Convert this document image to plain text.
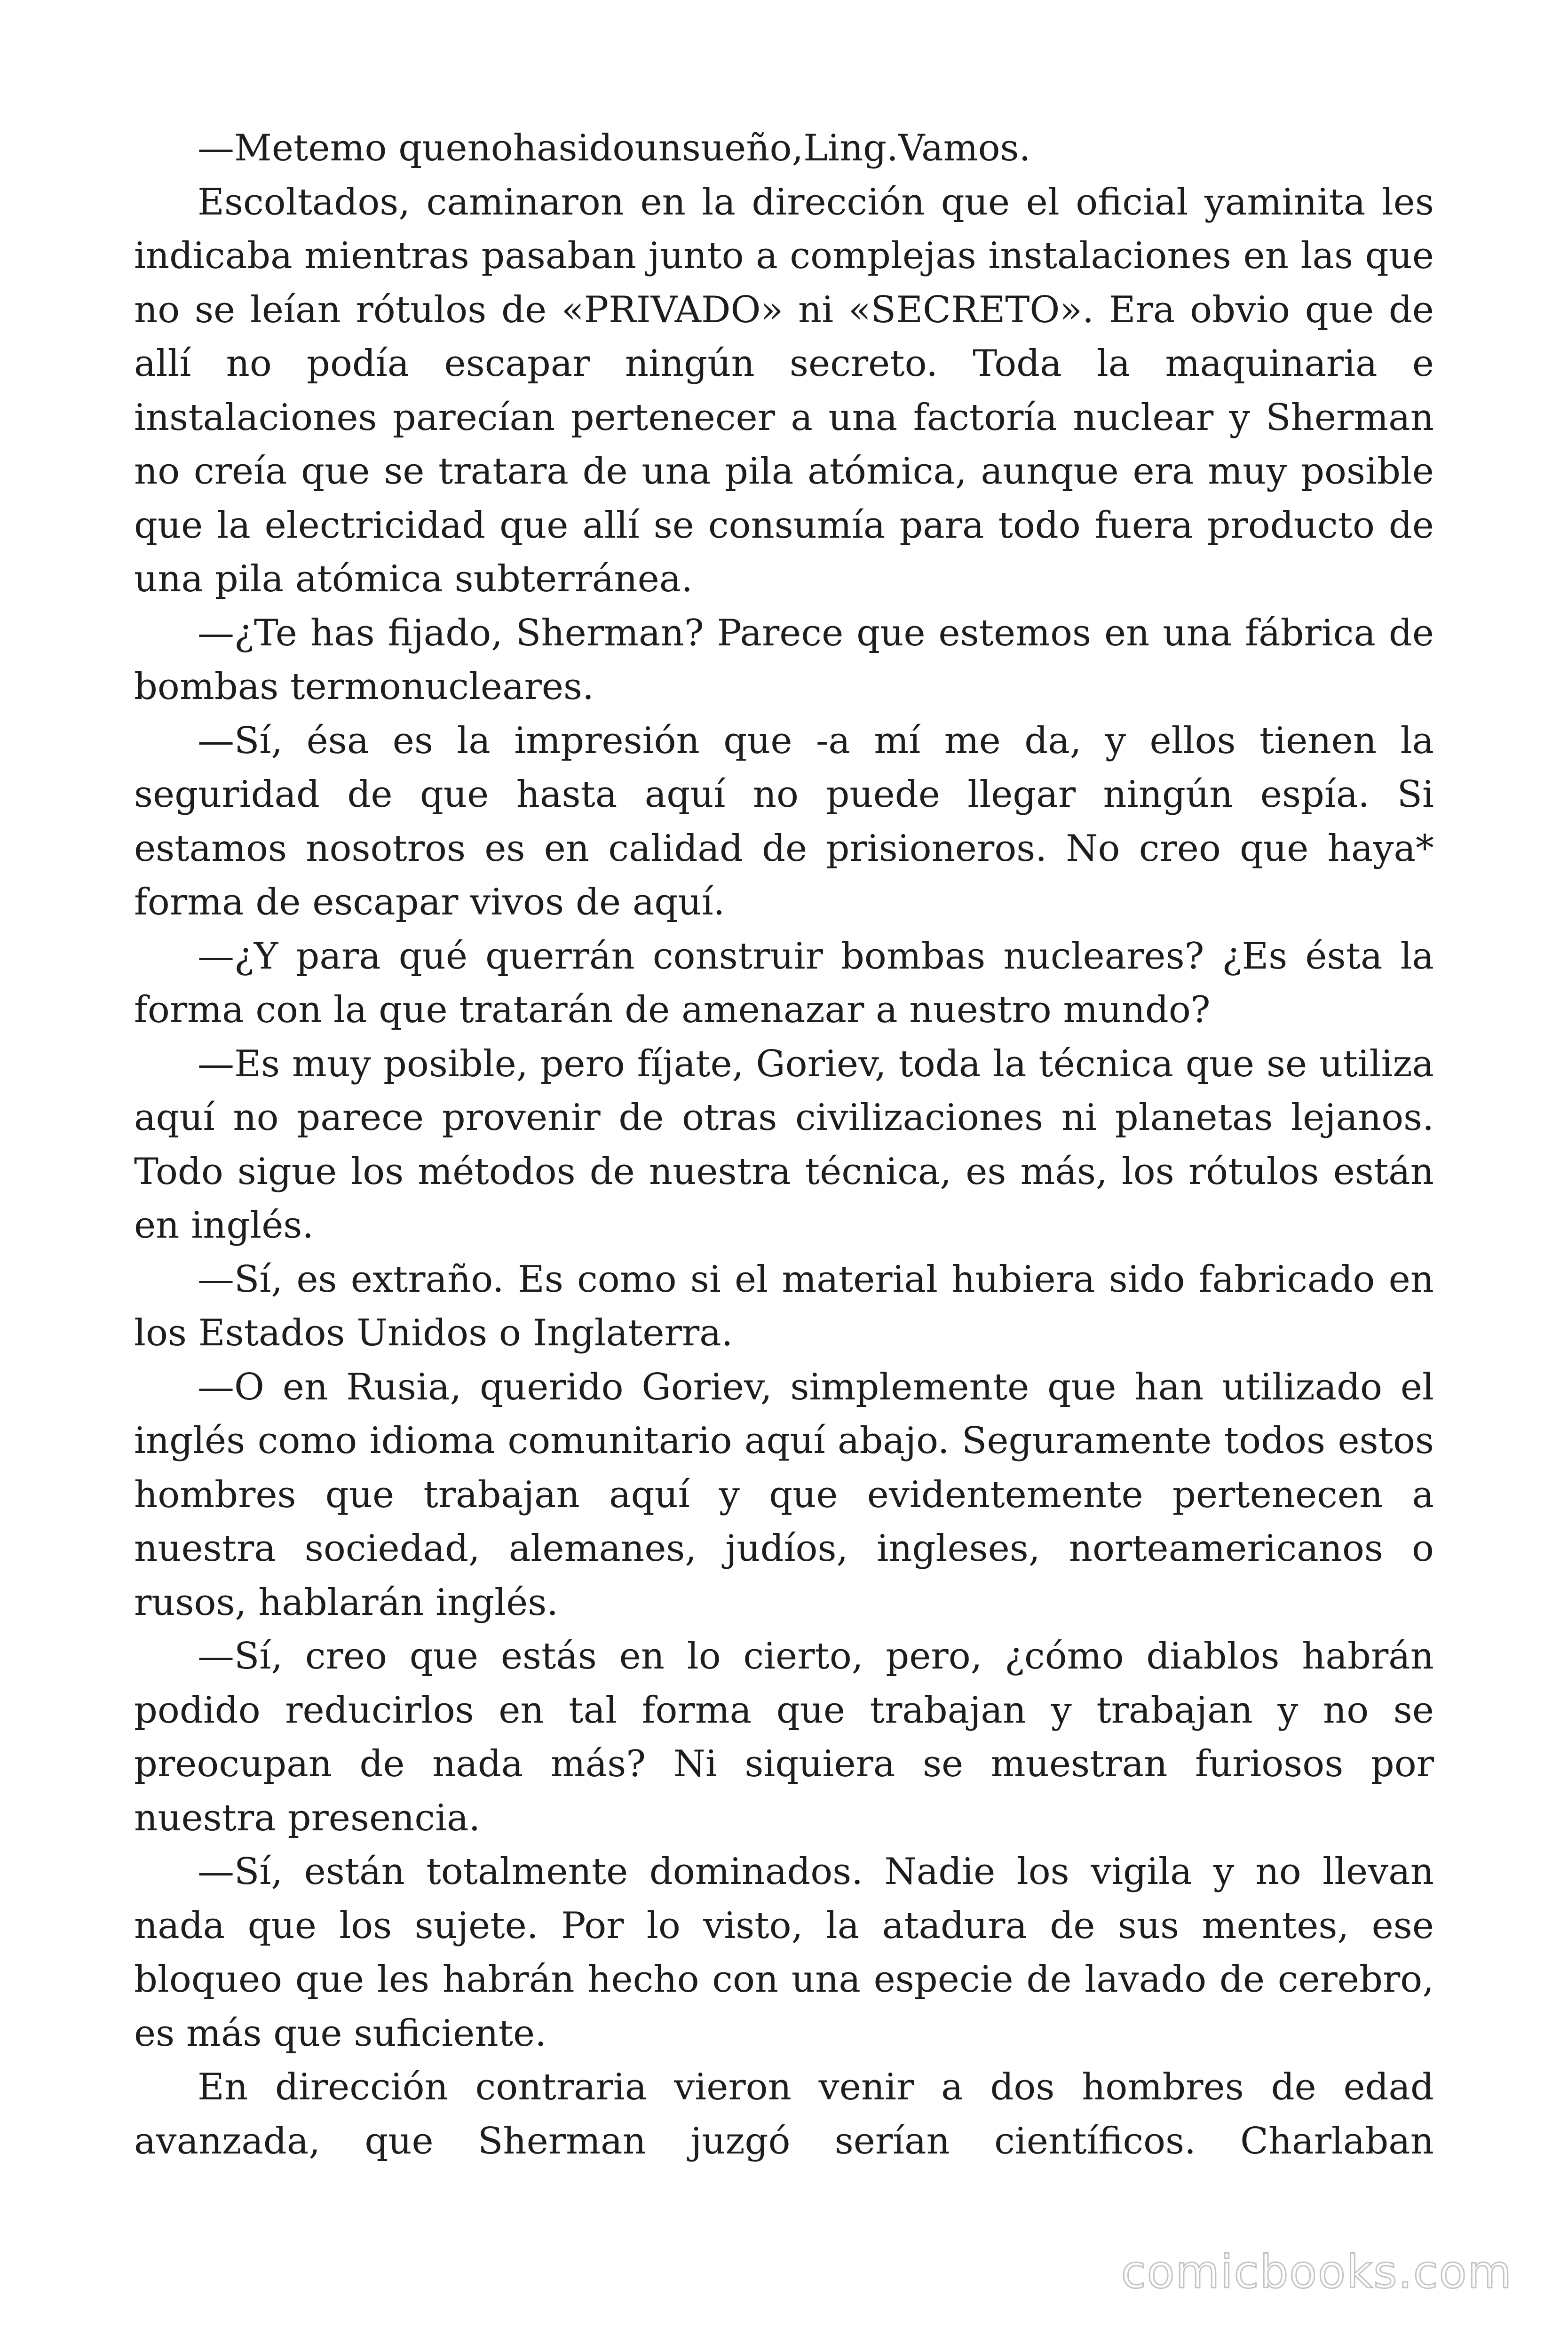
—Metemo quenohasidounsueño,Ling.Vamos.

Escoltados, caminaron en la dirección que el oficial yaminita les indicaba mientras pasaban junto a complejas instalaciones en las que no se leían rótulos de «PRIVADO» ni «SECRETO». Era obvio que de allí no podía escapar ningún secreto. Toda la maquinaria e instalaciones parecían pertenecer a una factoría nuclear y Sherman no creía que se tratara de una pila atómica, aunque era muy posible que la electricidad que allí se consumía para todo fuera producto de una pila atómica subterránea.

—¿Te has fijado, Sherman? Parece que estemos en una fábrica de bombas termonucleares.

—Sí, ésa es la impresión que -a mí me da, y ellos tienen la seguridad de que hasta aquí no puede llegar ningún espía. Si estamos nosotros es en calidad de prisioneros. No creo que haya* forma de escapar vivos de aquí.

—¿Y para qué querrán construir bombas nucleares? ¿Es ésta la forma con la que tratarán de amenazar a nuestro mundo?

—Es muy posible, pero fíjate, Goriev, toda la técnica que se utiliza aquí no parece provenir de otras civilizaciones ni planetas lejanos. Todo sigue los métodos de nuestra técnica, es más, los rótulos están en inglés.

—Sí, es extraño. Es como si el material hubiera sido fabricado en los Estados Unidos o Inglaterra.

—O en Rusia, querido Goriev, simplemente que han utilizado el inglés como idioma comunitario aquí abajo. Seguramente todos estos hombres que trabajan aquí y que evidentemente pertenecen a nuestra sociedad, alemanes, judíos, ingleses, norteamericanos o rusos, hablarán inglés.

—Sí, creo que estás en lo cierto, pero, ¿cómo diablos habrán podido reducirlos en tal forma que trabajan y trabajan y no se preocupan de nada más? Ni siquiera se muestran furiosos por nuestra presencia.

—Sí, están totalmente dominados. Nadie los vigila y no llevan nada que los sujete. Por lo visto, la atadura de sus mentes, ese bloqueo que les habrán hecho con una especie de lavado de cerebro, es más que suficiente.

En dirección contraria vieron venir a dos hombres de edad avanzada, que Sherman juzgó serían científicos. Charlaban

comicbooks.com
